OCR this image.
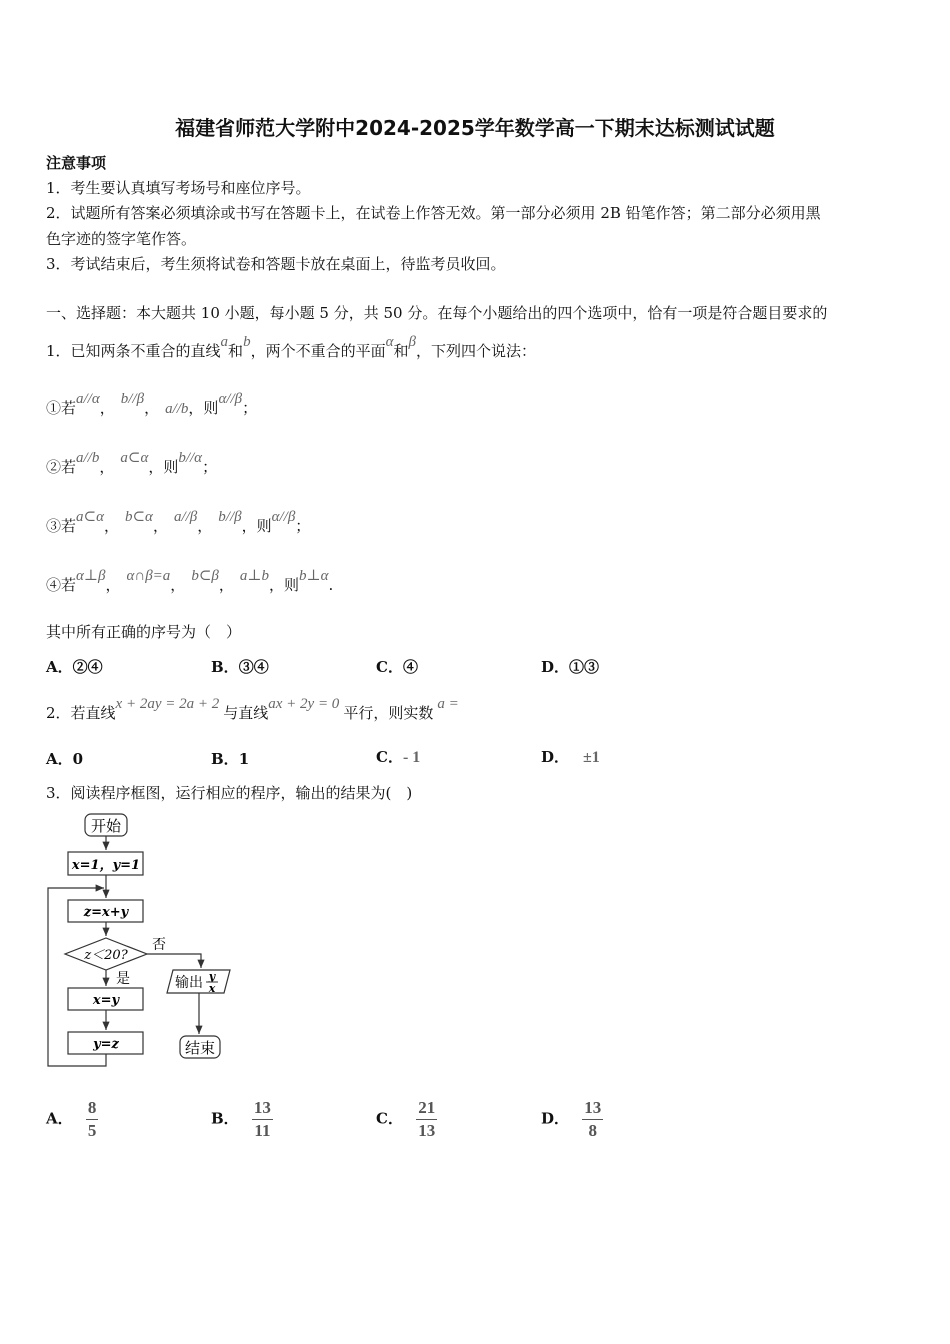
福建省师范大学附中2024-2025学年数学高一下期末达标测试试题
注意事项
1．考生要认真填写考场号和座位序号。
2．试题所有答案必须填涂或书写在答题卡上，在试卷上作答无效。第一部分必须用 2B 铅笔作答；第二部分必须用黑
色字迹的签字笔作答。
3．考试结束后，考生须将试卷和答题卡放在桌面上，待监考员收回。
一、选择题：本大题共 10 小题，每小题 5 分，共 50 分。在每个小题给出的四个选项中，恰有一项是符合题目要求的
1．已知两条不重合的直线a和b，两个不重合的平面α和β，下列四个说法：
①若a//α， b//β， a//b，则α//β；
②若a//b， a⊂α，则b//α；
③若a⊂α， b⊂α， a//β， b//β，则α//β；
④若α⊥β， α∩β=a， b⊂β， a⊥b，则b⊥α.
其中所有正确的序号为（　）
A．②④	B．③④	C．④	D．①③
2．若直线x + 2ay = 2a + 2 与直线ax + 2y = 0 平行，则实数 a =
A．0	B．1	C．- 1	D． ±1
3．阅读程序框图，运行相应的程序，输出的结果为(　)
开始
x=1，y=1
z=x+y
z＜20?
否
是
x=y
y=z
输出 y
x
结束
A． $\frac{8}{5}$	B． $\frac{13}{11}$	C． $\frac{21}{13}$	D． $\frac{13}{8}$
